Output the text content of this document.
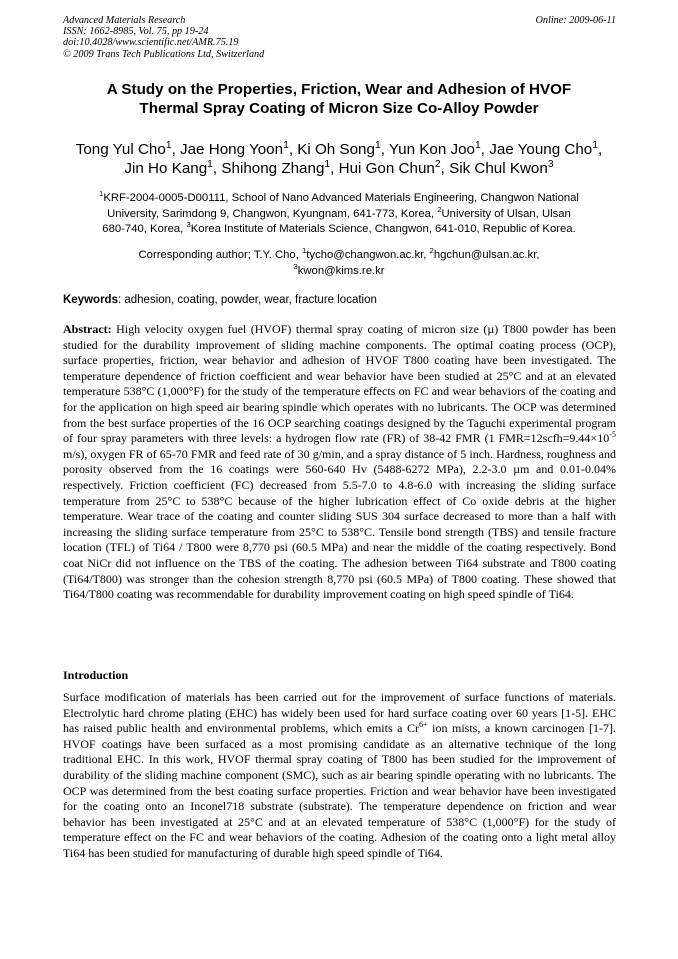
Advanced Materials Research
ISSN: 1662-8985, Vol. 75, pp 19-24
doi:10.4028/www.scientific.net/AMR.75.19
© 2009 Trans Tech Publications Ltd, Switzerland
Online: 2009-06-11
A Study on the Properties, Friction, Wear and Adhesion of HVOF
Thermal Spray Coating of Micron Size Co-Alloy Powder
Tong Yul Cho$^1$, Jae Hong Yoon$^1$, Ki Oh Song$^1$, Yun Kon Joo$^1$, Jae Young Cho$^1$,
Jin Ho Kang$^1$, Shihong Zhang$^1$, Hui Gon Chun$^2$, Sik Chul Kwon$^3$
$^1$KRF-2004-0005-D00111, School of Nano Advanced Materials Engineering, Changwon National
University, Sarimdong 9, Changwon, Kyungnam, 641-773, Korea, $^2$University of Ulsan, Ulsan
680-740, Korea, $^3$Korea Institute of Materials Science, Changwon, 641-010, Republic of Korea.
Corresponding author; T.Y. Cho, $^1$tycho@changwon.ac.kr, $^2$hgchun@ulsan.ac.kr,
$^3$kwon@kims.re.kr
Keywords: adhesion, coating, powder, wear, fracture location
Abstract: High velocity oxygen fuel (HVOF) thermal spray coating of micron size (µ) T800 powder has been studied for the durability improvement of sliding machine components. The optimal coating process (OCP), surface properties, friction, wear behavior and adhesion of HVOF T800 coating have been investigated. The temperature dependence of friction coefficient and wear behavior have been studied at 25°C and at an elevated temperature 538°C (1,000°F) for the study of the temperature effects on FC and wear behaviors of the coating and for the application on high speed air bearing spindle which operates with no lubricants. The OCP was determined from the best surface properties of the 16 OCP searching coatings designed by the Taguchi experimental program of four spray parameters with three levels: a hydrogen flow rate (FR) of 38-42 FMR (1 $FMR=12scfh=9.44\times 10^{-5}$ m/s), oxygen FR of 65-70 FMR and feed rate of 30 g/min, and a spray distance of 5 inch. Hardness, roughness and porosity observed from the 16 coatings were 560-640 Hv (5488-6272 MPa), 2.2-3.0 µm and 0.01-0.04% respectively. Friction coefficient (FC) decreased from 5.5-7.0 to 4.8-6.0 with increasing the sliding surface temperature from 25°C to 538°C because of the higher lubrication effect of Co oxide debris at the higher temperature. Wear trace of the coating and counter sliding SUS 304 surface decreased to more than a half with increasing the sliding surface temperature from 25°C to 538°C. Tensile bond strength (TBS) and tensile fracture location (TFL) of Ti64 / T800 were 8,770 psi (60.5 MPa) and near the middle of the coating respectively. Bond coat NiCr did not influence on the TBS of the coating. The adhesion between Ti64 substrate and T800 coating (Ti64/T800) was stronger than the cohesion strength 8,770 psi (60.5 MPa) of T800 coating. These showed that Ti64/T800 coating was recommendable for durability improvement coating on high speed spindle of Ti64.
Introduction
Surface modification of materials has been carried out for the improvement of surface functions of materials. Electrolytic hard chrome plating (EHC) has widely been used for hard surface coating over 60 years [1-5]. EHC has raised public health and environmental problems, which emits a $Cr^{6+}$ ion mists, a known carcinogen [1-7]. HVOF coatings have been surfaced as a most promising candidate as an alternative technique of the long traditional EHC. In this work, HVOF thermal spray coating of T800 has been studied for the improvement of durability of the sliding machine component (SMC), such as air bearing spindle operating with no lubricants. The OCP was determined from the best coating surface properties. Friction and wear behavior have been investigated for the coating onto an Inconel718 substrate (substrate). The temperature dependence on friction and wear behavior has been investigated at 25°C and at an elevated temperature of 538°C (1,000°F) for the study of temperature effect on the FC and wear behaviors of the coating. Adhesion of the coating onto a light metal alloy Ti64 has been studied for manufacturing of durable high speed spindle of Ti64.
